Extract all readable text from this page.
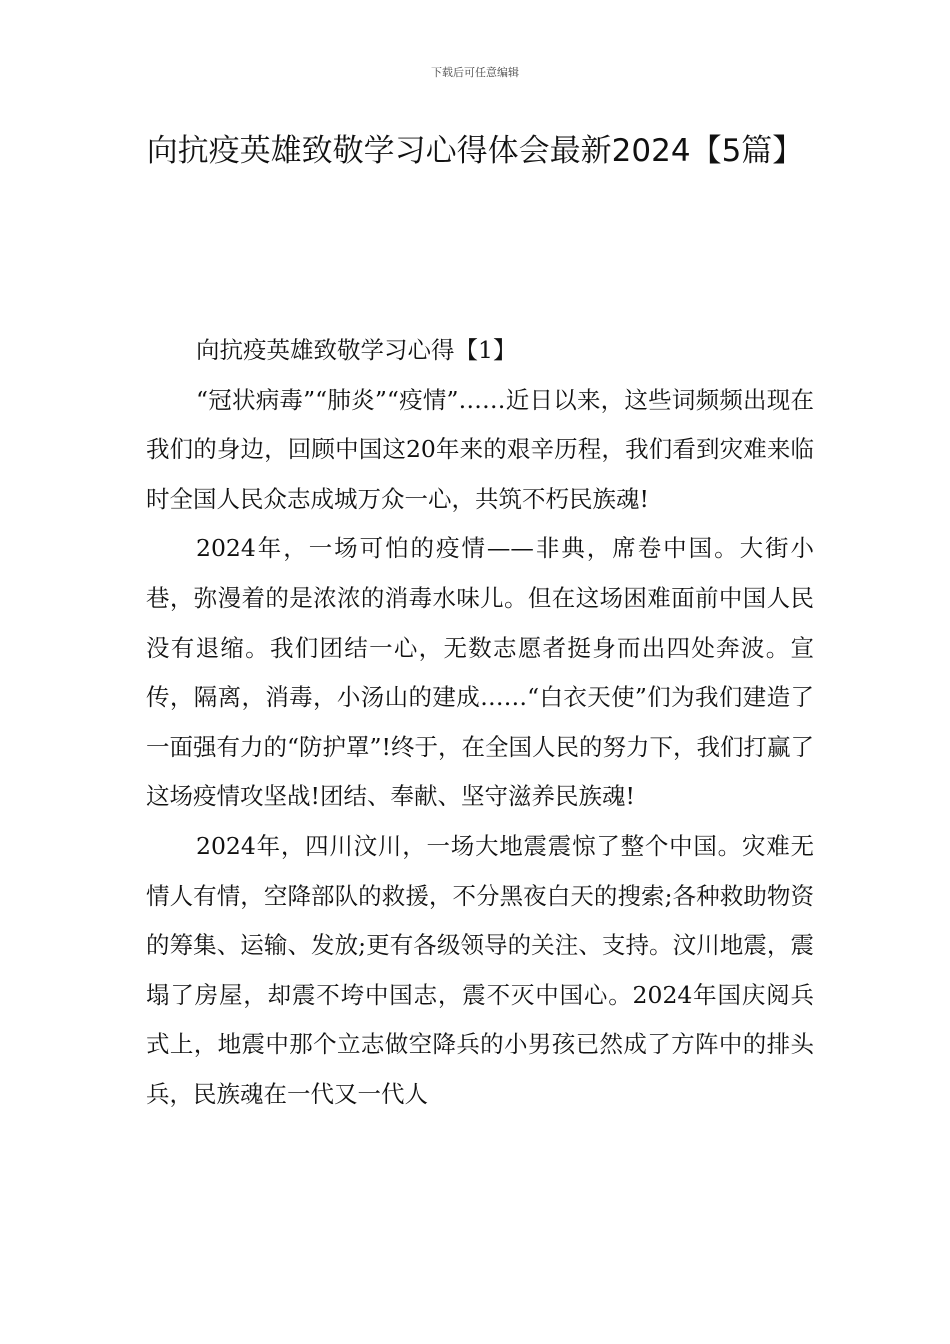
下载后可任意编辑
向抗疫英雄致敬学习心得体会最新2024【5篇】

向抗疫英雄致敬学习心得【1】

“冠状病毒”“肺炎”“疫情”……近日以来，这些词频频出现在我们的身边，回顾中国这20年来的艰辛历程，我们看到灾难来临时全国人民众志成城万众一心，共筑不朽民族魂!

2024年，一场可怕的疫情——非典，席卷中国。大街小巷，弥漫着的是浓浓的消毒水味儿。但在这场困难面前中国人民没有退缩。我们团结一心，无数志愿者挺身而出四处奔波。宣传，隔离，消毒，小汤山的建成……“白衣天使”们为我们建造了一面强有力的“防护罩”!终于，在全国人民的努力下，我们打赢了这场疫情攻坚战!团结、奉献、坚守滋养民族魂!

2024年，四川汶川，一场大地震震惊了整个中国。灾难无情人有情，空降部队的救援，不分黑夜白天的搜索;各种救助物资的筹集、运输、发放;更有各级领导的关注、支持。汶川地震，震塌了房屋，却震不垮中国志，震不灭中国心。2024年国庆阅兵式上，地震中那个立志做空降兵的小男孩已然成了方阵中的排头兵，民族魂在一代又一代人
